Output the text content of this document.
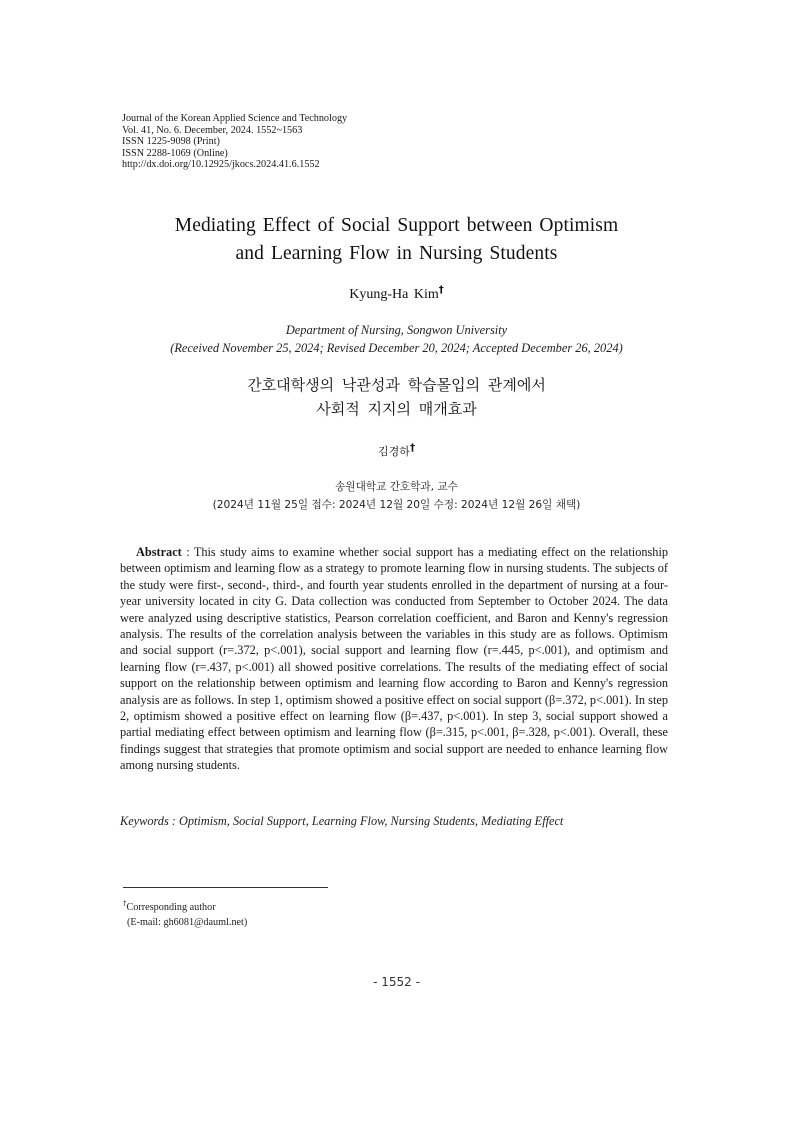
Journal of the Korean Applied Science and Technology
Vol. 41, No. 6. December, 2024. 1552~1563
ISSN 1225-9098 (Print)
ISSN 2288-1069 (Online)
http://dx.doi.org/10.12925/jkocs.2024.41.6.1552
Mediating Effect of Social Support between Optimism
and Learning Flow in Nursing Students
Kyung-Ha Kim†
Department of Nursing, Songwon University
(Received November 25, 2024; Revised December 20, 2024; Accepted December 26, 2024)
간호대학생의 낙관성과 학습몰입의 관계에서
사회적 지지의 매개효과
김경하†
송원대학교 간호학과, 교수
(2024년 11월 25일 접수: 2024년 12월 20일 수정: 2024년 12월 26일 채택)

Abstract : This study aims to examine whether social support has a mediating effect on the relationship between optimism and learning flow as a strategy to promote learning flow in nursing students. The subjects of the study were first-, second-, third-, and fourth year students enrolled in the department of nursing at a four-year university located in city G. Data collection was conducted from September to October 2024. The data were analyzed using descriptive statistics, Pearson correlation coefficient, and Baron and Kenny's regression analysis. The results of the correlation analysis between the variables in this study are as follows. Optimism and social support (r=.372, p<.001), social support and learning flow (r=.445, p<.001), and optimism and learning flow (r=.437, p<.001) all showed positive correlations. The results of the mediating effect of social support on the relationship between optimism and learning flow according to Baron and Kenny's regression analysis are as follows. In step 1, optimism showed a positive effect on social support (β=.372, p<.001). In step 2, optimism showed a positive effect on learning flow (β=.437, p<.001). In step 3, social support showed a partial mediating effect between optimism and learning flow (β=.315, p<.001, β=.328, p<.001). Overall, these findings suggest that strategies that promote optimism and social support are needed to enhance learning flow among nursing students.

Keywords : Optimism, Social Support, Learning Flow, Nursing Students, Mediating Effect
†Corresponding author
(E-mail: gh6081@dauml.net)
- 1552 -
